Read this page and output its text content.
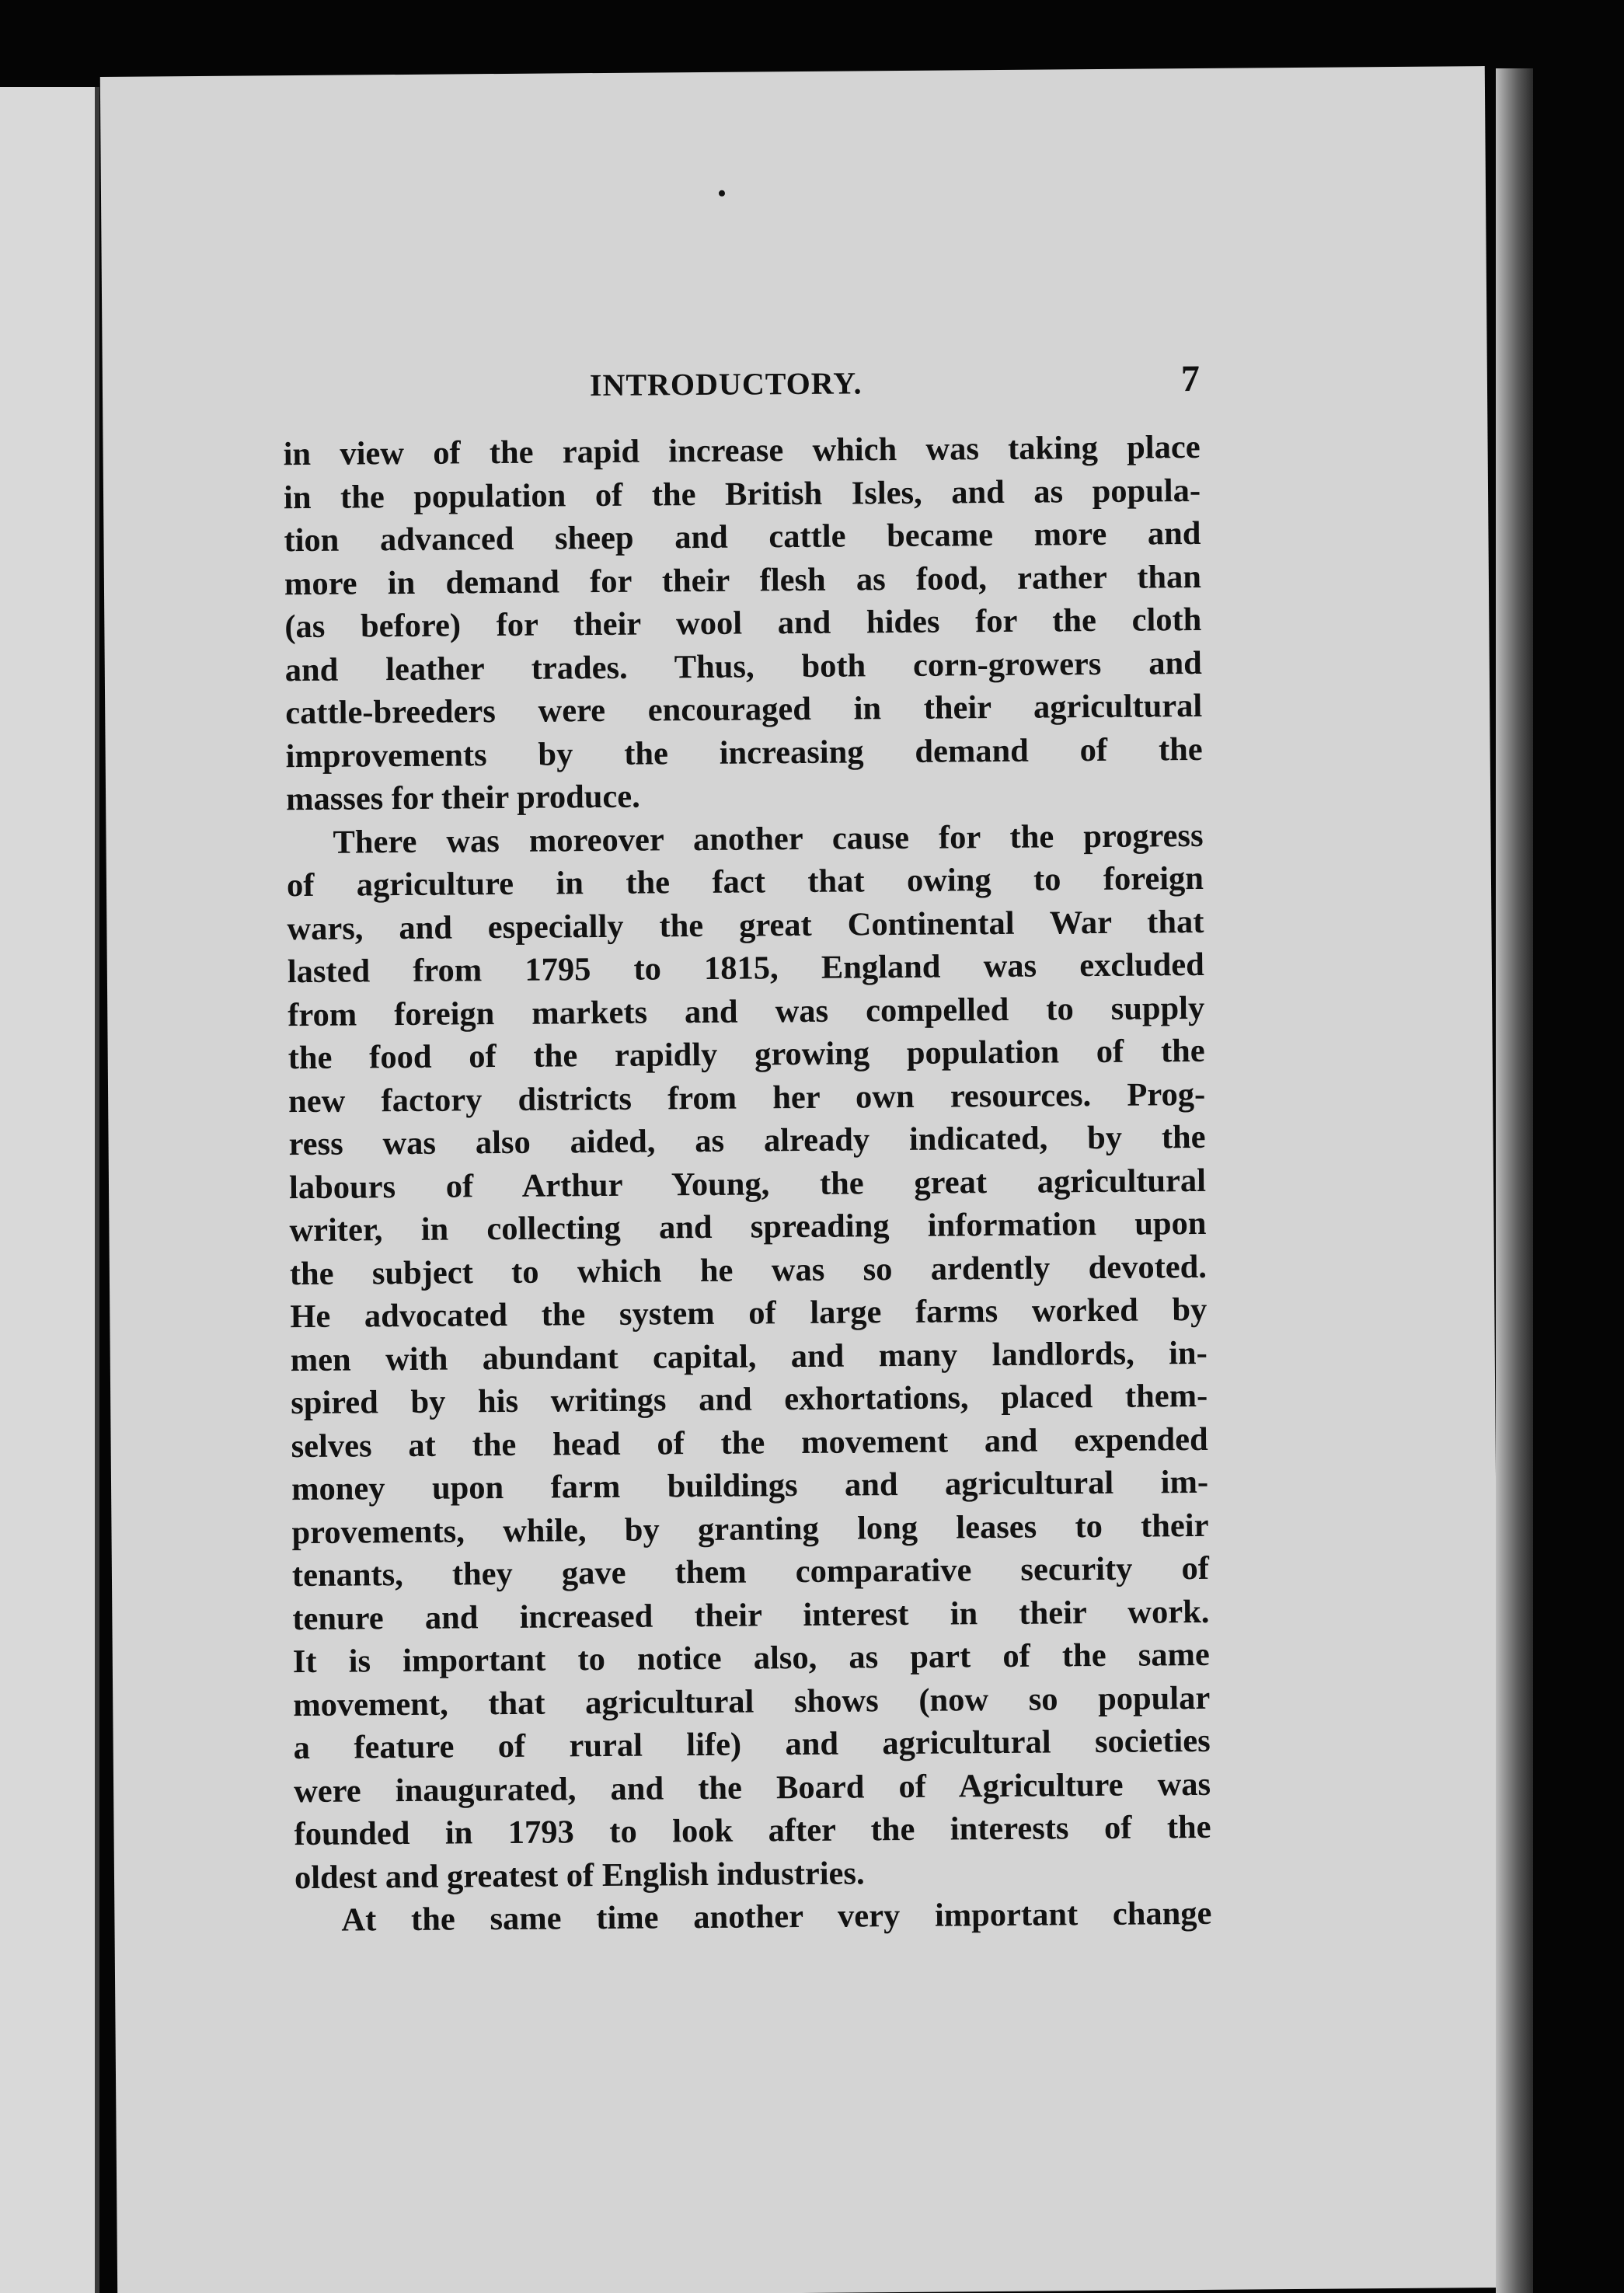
INTRODUCTORY.	7
in view of the rapid increase which was taking place
in the population of the British Isles, and as popula-
tion advanced sheep and cattle became more and
more in demand for their flesh as food, rather than
(as before) for their wool and hides for the cloth
and leather trades. Thus, both corn-growers and
cattle-breeders were encouraged in their agricultural
improvements by the increasing demand of the
masses for their produce.
There was moreover another cause for the progress
of agriculture in the fact that owing to foreign
wars, and especially the great Continental War that
lasted from 1795 to 1815, England was excluded
from foreign markets and was compelled to supply
the food of the rapidly growing population of the
new factory districts from her own resources. Prog-
ress was also aided, as already indicated, by the
labours of Arthur Young, the great agricultural
writer, in collecting and spreading information upon
the subject to which he was so ardently devoted.
He advocated the system of large farms worked by
men with abundant capital, and many landlords, in-
spired by his writings and exhortations, placed them-
selves at the head of the movement and expended
money upon farm buildings and agricultural im-
provements, while, by granting long leases to their
tenants, they gave them comparative security of
tenure and increased their interest in their work.
It is important to notice also, as part of the same
movement, that agricultural shows (now so popular
a feature of rural life) and agricultural societies
were inaugurated, and the Board of Agriculture was
founded in 1793 to look after the interests of the
oldest and greatest of English industries.
At the same time another very important change
